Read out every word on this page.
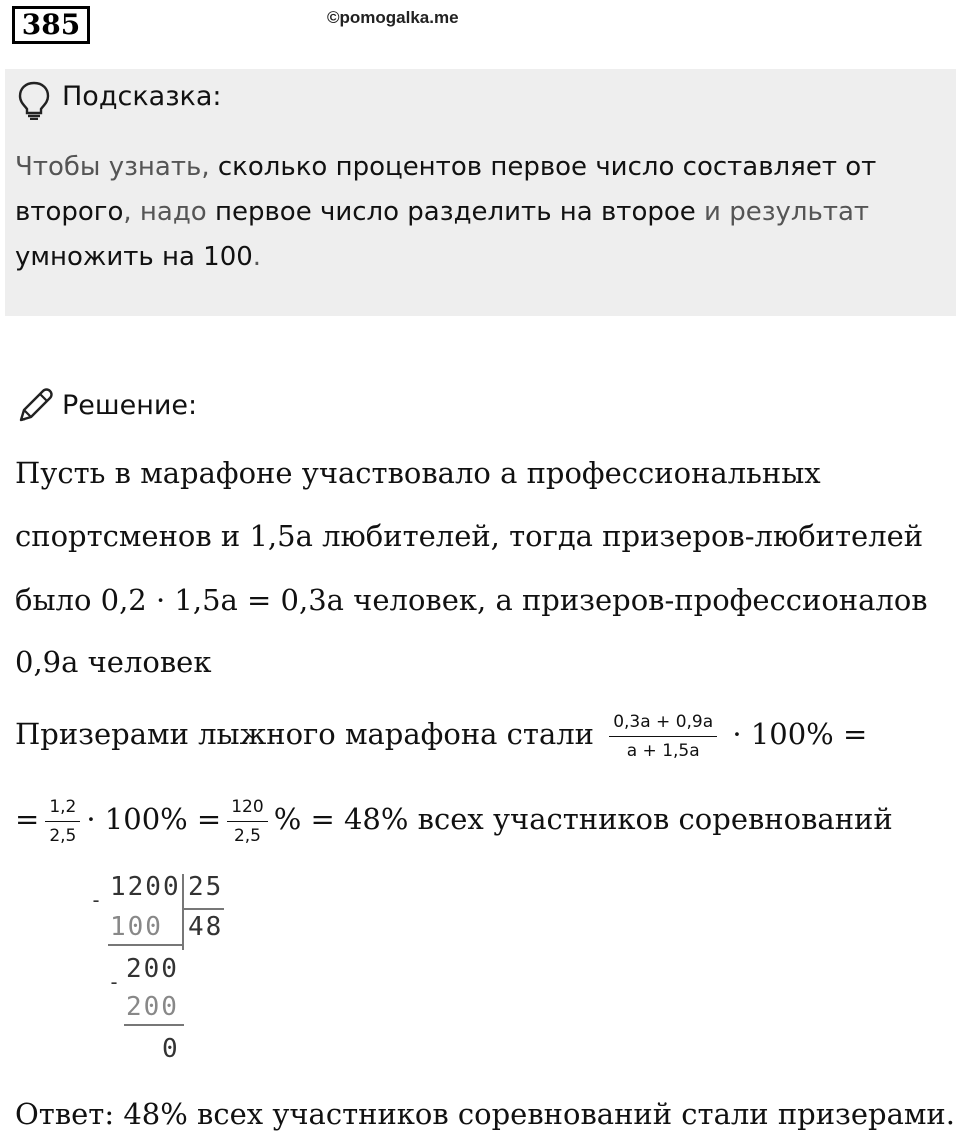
385	©pomogalka.me
Подсказка:
Чтобы узнать, сколько процентов первое число составляет от второго, надо первое число разделить на второе и результат умножить на 100.
Решение:
Пусть в марафоне участвовало a профессиональных
спортсменов и 1,5a любителей, тогда призеров-любителей
было 0,2 · 1,5a = 0,3a человек, а призеров-профессионалов
0,9a человек
Призерами лыжного марафона стали $\frac{0,3a + 0,9a}{a + 1,5a} \cdot 100\%$ =
= $\frac{1,2}{2,5} \cdot 100\% = \frac{120}{2,5}$ % = 48% всех участников соревнований
1200 25
-
100 48
200
-
200
0
Ответ: 48% всех участников соревнований стали призерами.
